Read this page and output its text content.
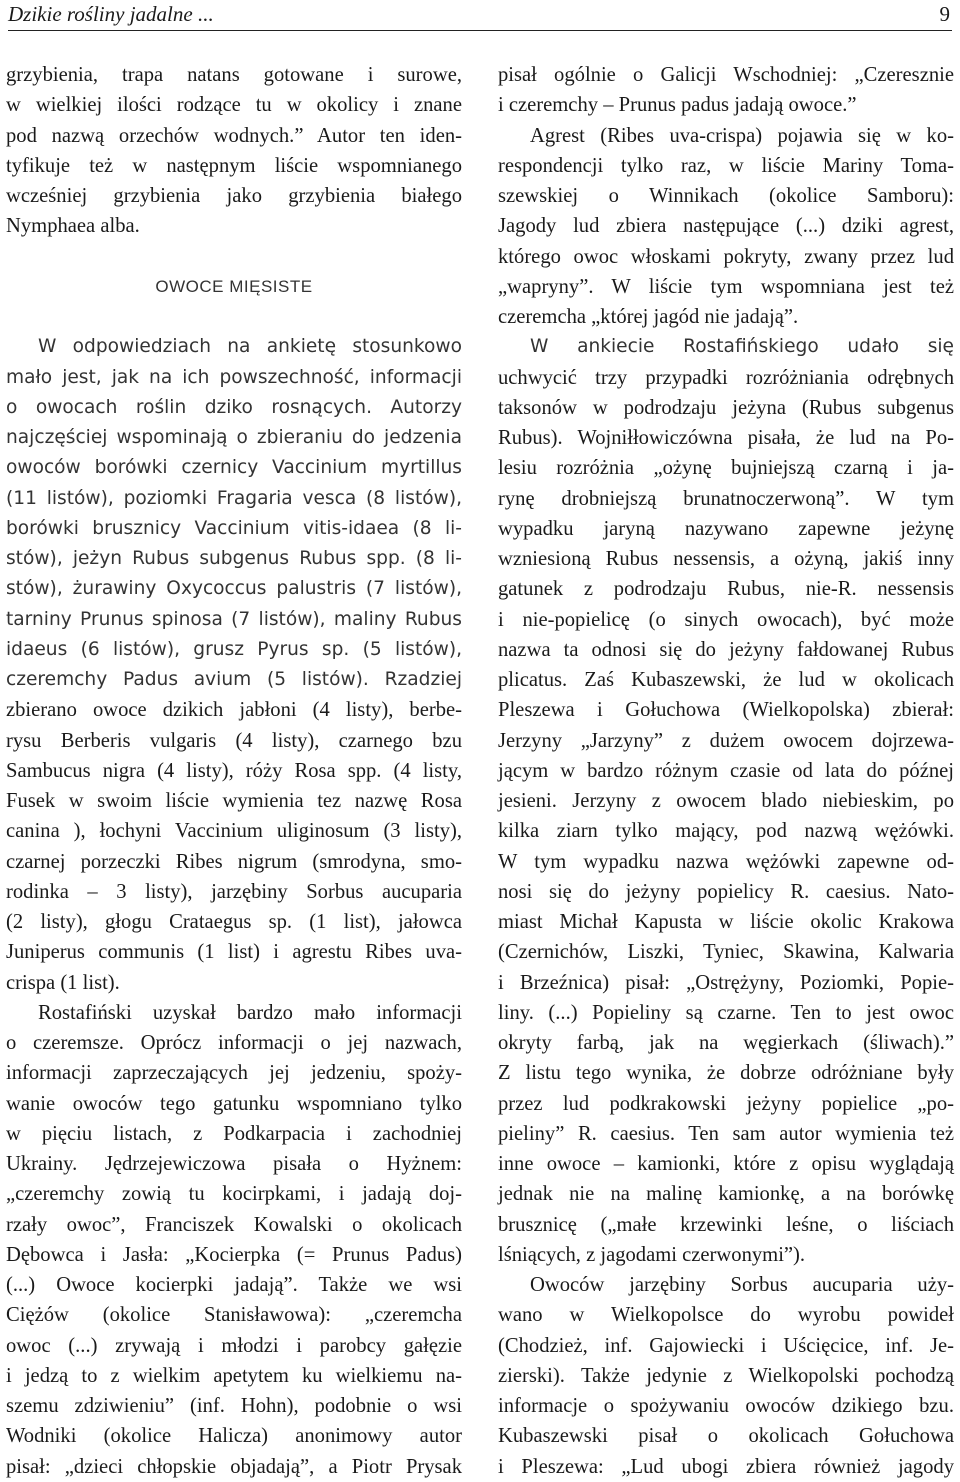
Dzikie rośliny jadalne ...	9
grzybienia, trapa natans gotowane i surowe,
w wielkiej ilości rodzące tu w okolicy i znane
pod nazwą orzechów wodnych.” Autor ten iden-
tyfikuje też w następnym liście wspomnianego
wcześniej grzybienia jako grzybienia białego
Nymphaea alba.
OWOCE MIĘSISTE
W odpowiedziach na ankietę stosunkowo
mało jest, jak na ich powszechność, informacji
o owocach roślin dziko rosnących. Autorzy
najczęściej wspominają o zbieraniu do jedzenia
owoców borówki czernicy Vaccinium myrtillus
(11 listów), poziomki Fragaria vesca (8 listów),
borówki brusznicy Vaccinium vitis-idaea (8 li-
stów), jeżyn Rubus subgenus Rubus spp. (8 li-
stów), żurawiny Oxycoccus palustris (7 listów),
tarniny Prunus spinosa (7 listów), maliny Rubus
idaeus (6 listów), grusz Pyrus sp. (5 listów),
czeremchy Padus avium (5 listów). Rzadziej
zbierano owoce dzikich jabłoni (4 listy), berbe-
rysu Berberis vulgaris (4 listy), czarnego bzu
Sambucus nigra (4 listy), róży Rosa spp. (4 listy,
Fusek w swoim liście wymienia tez nazwę Rosa
canina ), łochyni Vaccinium uliginosum (3 listy),
czarnej porzeczki Ribes nigrum (smrodyna, smo-
rodinka – 3 listy), jarzębiny Sorbus aucuparia
(2 listy), głogu Crataegus sp. (1 list), jałowca
Juniperus communis (1 list) i agrestu Ribes uva-
crispa (1 list).
Rostafiński uzyskał bardzo mało informacji
o czeremsze. Oprócz informacji o jej nazwach,
informacji zaprzeczających jej jedzeniu, spoży-
wanie owoców tego gatunku wspomniano tylko
w pięciu listach, z Podkarpacia i zachodniej
Ukrainy. Jędrzejewiczowa pisała o Hyżnem:
„czeremchy zowią tu kocirpkami, i jadają doj-
rzały owoc”, Franciszek Kowalski o okolicach
Dębowca i Jasła: „Kocierpka (= Prunus Padus)
(...) Owoce kocierpki jadają”. Także we wsi
Ciężów (okolice Stanisławowa): „czeremcha
owoc (...) zrywają i młodzi i parobcy gałęzie
i jedzą to z wielkim apetytem ku wielkiemu na-
szemu zdziwieniu” (inf. Hohn), podobnie o wsi
Wodniki (okolice Halicza) anonimowy autor
pisał: „dzieci chłopskie objadają”, a Piotr Prysak
pisał ogólnie o Galicji Wschodniej: „Czeresznie
i czeremchy – Prunus padus jadają owoce.”
Agrest (Ribes uva-crispa) pojawia się w ko-
respondencji tylko raz, w liście Mariny Toma-
szewskiej o Winnikach (okolice Samboru):
Jagody lud zbiera następujące (...) dziki agrest,
którego owoc włoskami pokryty, zwany przez lud
„wapryny”. W liście tym wspomniana jest też
czeremcha „której jagód nie jadają”.
W ankiecie Rostafińskiego udało się
uchwycić trzy przypadki rozróżniania odrębnych
taksonów w podrodzaju jeżyna (Rubus subgenus
Rubus). Wojniłłowiczówna pisała, że lud na Po-
lesiu rozróżnia „ożynę bujniejszą czarną i ja-
rynę drobniejszą brunatnoczerwoną”. W tym
wypadku jaryną nazywano zapewne jeżynę
wzniesioną Rubus nessensis, a ożyną, jakiś inny
gatunek z podrodzaju Rubus, nie-R. nessensis
i nie-popielicę (o sinych owocach), być może
nazwa ta odnosi się do jeżyny fałdowanej Rubus
plicatus. Zaś Kubaszewski, że lud w okolicach
Pleszewa i Gołuchowa (Wielkopolska) zbierał:
Jerzyny „Jarzyny” z dużem owocem dojrzewa-
jącym w bardzo różnym czasie od lata do późnej
jesieni. Jerzyny z owocem blado niebieskim, po
kilka ziarn tylko mający, pod nazwą wężówki.
W tym wypadku nazwa wężówki zapewne od-
nosi się do jeżyny popielicy R. caesius. Nato-
miast Michał Kapusta w liście okolic Krakowa
(Czernichów, Liszki, Tyniec, Skawina, Kalwaria
i Brzeźnica) pisał: „Ostrężyny, Poziomki, Popie-
liny. (...) Popieliny są czarne. Ten to jest owoc
okryty farbą, jak na węgierkach (śliwach).”
Z listu tego wynika, że dobrze odróżniane były
przez lud podkrakowski jeżyny popielice „po-
pieliny” R. caesius. Ten sam autor wymienia też
inne owoce – kamionki, które z opisu wyglądają
jednak nie na malinę kamionkę, a na borówkę
brusznicę („małe krzewinki leśne, o liściach
lśniących, z jagodami czerwonymi”).
Owoców jarzębiny Sorbus aucuparia uży-
wano w Wielkopolsce do wyrobu powideł
(Chodzież, inf. Gajowiecki i Uścięcice, inf. Je-
zierski). Także jedynie z Wielkopolski pochodzą
informacje o spożywaniu owoców dzikiego bzu.
Kubaszewski pisał o okolicach Gołuchowa
i Pleszewa: „Lud ubogi zbiera również jagody
